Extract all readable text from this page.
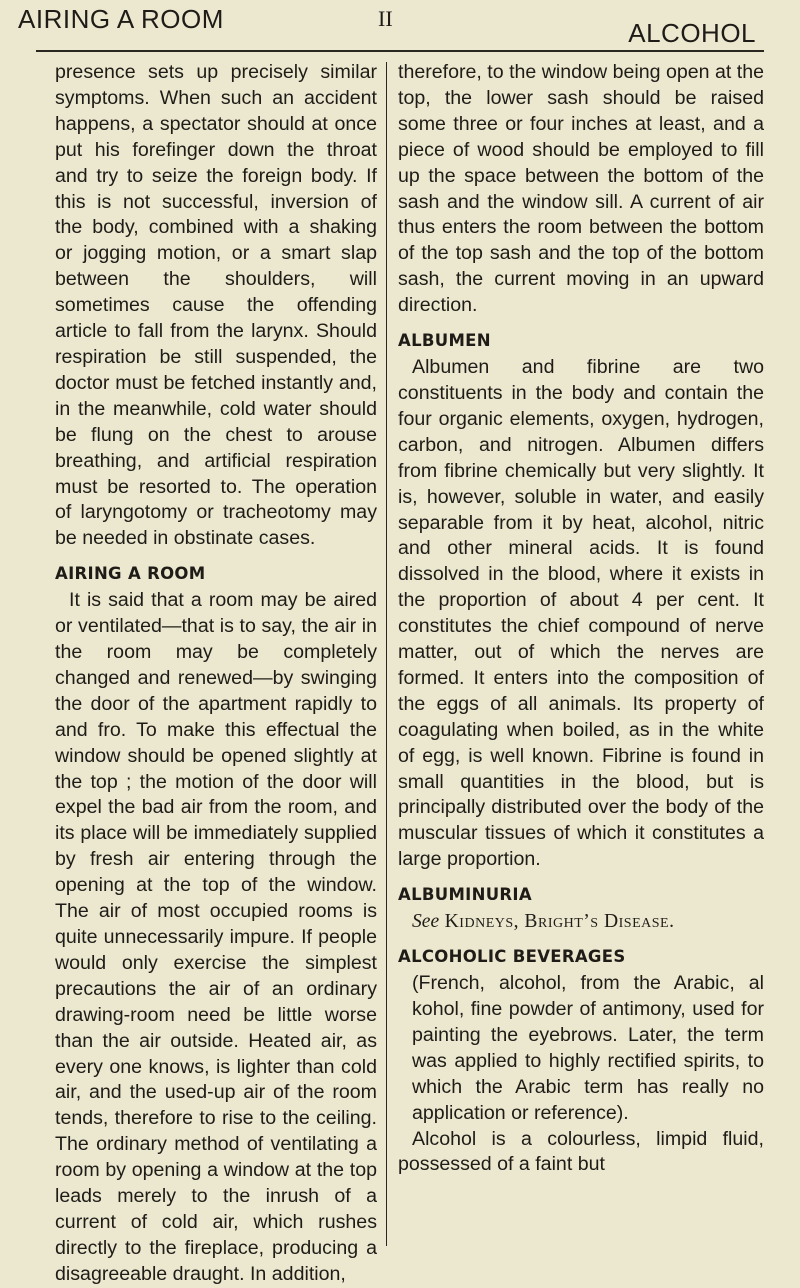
AIRING A ROOM	II	ALCOHOL

presence sets up precisely similar symptoms. When such an accident happens, a spectator should at once put his forefinger down the throat and try to seize the foreign body. If this is not successful, inversion of the body, combined with a shaking or jogging motion, or a smart slap between the shoulders, will sometimes cause the offending article to fall from the larynx. Should respiration be still suspended, the doctor must be fetched instantly and, in the meanwhile, cold water should be flung on the chest to arouse breathing, and artificial respiration must be resorted to. The operation of laryngotomy or tracheotomy may be needed in obstinate cases.

AIRING A ROOM

It is said that a room may be aired or ventilated—that is to say, the air in the room may be completely changed and renewed—by swinging the door of the apartment rapidly to and fro. To make this effectual the window should be opened slightly at the top ; the motion of the door will expel the bad air from the room, and its place will be immediately supplied by fresh air entering through the opening at the top of the window. The air of most occupied rooms is quite unnecessarily impure. If people would only exercise the simplest precautions the air of an ordinary drawing-room need be little worse than the air outside. Heated air, as every one knows, is lighter than cold air, and the used-up air of the room tends, therefore to rise to the ceiling. The ordinary method of ventilating a room by opening a window at the top leads merely to the inrush of a current of cold air, which rushes directly to the fireplace, producing a disagreeable draught. In addition,

therefore, to the window being open at the top, the lower sash should be raised some three or four inches at least, and a piece of wood should be employed to fill up the space between the bottom of the sash and the window sill. A current of air thus enters the room between the bottom of the top sash and the top of the bottom sash, the current moving in an upward direction.

ALBUMEN

Albumen and fibrine are two constituents in the body and contain the four organic elements, oxygen, hydrogen, carbon, and nitrogen. Albumen differs from fibrine chemically but very slightly. It is, however, soluble in water, and easily separable from it by heat, alcohol, nitric and other mineral acids. It is found dissolved in the blood, where it exists in the proportion of about 4 per cent. It constitutes the chief compound of nerve matter, out of which the nerves are formed. It enters into the composition of the eggs of all animals. Its property of coagulating when boiled, as in the white of egg, is well known. Fibrine is found in small quantities in the blood, but is principally distributed over the body of the muscular tissues of which it constitutes a large proportion.

ALBUMINURIA

See Kidneys, Bright’s Disease.

ALCOHOLIC BEVERAGES

(French, alcohol, from the Arabic, al kohol, fine powder of antimony, used for painting the eyebrows. Later, the term was applied to highly rectified spirits, to which the Arabic term has really no application or reference).

Alcohol is a colourless, limpid fluid, possessed of a faint but
